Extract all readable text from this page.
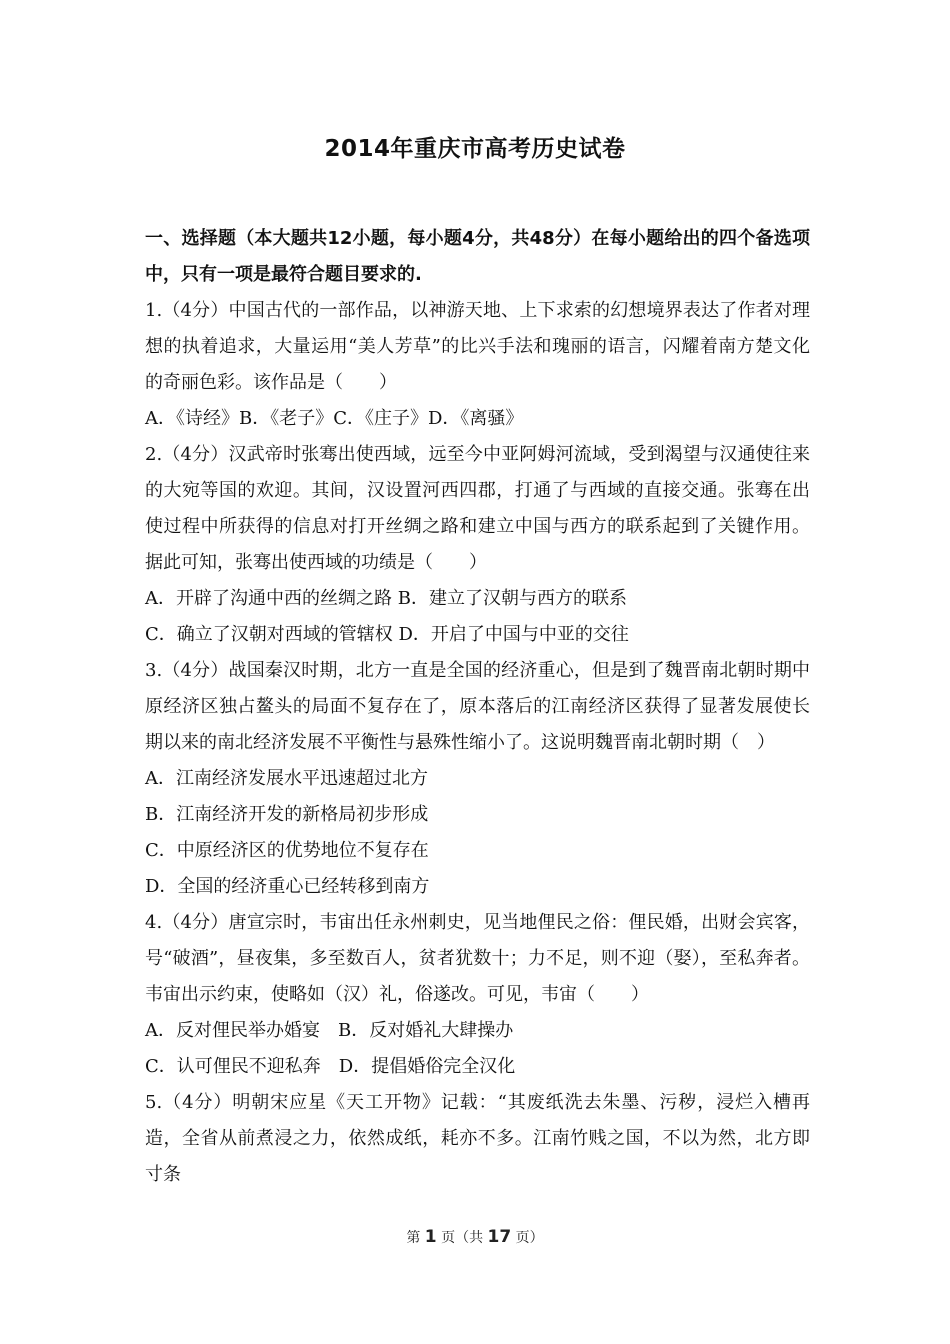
2014年重庆市高考历史试卷
一、选择题（本大题共12小题，每小题4分，共48分）在每小题给出的四个备选项中，只有一项是最符合题目要求的.
1.（4分）中国古代的一部作品，以神游天地、上下求索的幻想境界表达了作者对理想的执着追求，大量运用“美人芳草”的比兴手法和瑰丽的语言，闪耀着南方楚文化的奇丽色彩。该作品是（　　）
A．《诗经》B．《老子》C．《庄子》D．《离骚》
2.（4分）汉武帝时张骞出使西域，远至今中亚阿姆河流域，受到渴望与汉通使往来的大宛等国的欢迎。其间，汉设置河西四郡，打通了与西域的直接交通。张骞在出使过程中所获得的信息对打开丝绸之路和建立中国与西方的联系起到了关键作用。据此可知，张骞出使西域的功绩是（　　）
A．开辟了沟通中西的丝绸之路 B．建立了汉朝与西方的联系
C．确立了汉朝对西域的管辖权 D．开启了中国与中亚的交往
3.（4分）战国秦汉时期，北方一直是全国的经济重心，但是到了魏晋南北朝时期中原经济区独占鳌头的局面不复存在了，原本落后的江南经济区获得了显著发展使长期以来的南北经济发展不平衡性与悬殊性缩小了。这说明魏晋南北朝时期（　）
A．江南经济发展水平迅速超过北方
B．江南经济开发的新格局初步形成
C．中原经济区的优势地位不复存在
D．全国的经济重心已经转移到南方
4.（4分）唐宣宗时，韦宙出任永州刺史，见当地俚民之俗：俚民婚，出财会宾客，号“破酒”，昼夜集，多至数百人，贫者犹数十；力不足，则不迎（娶），至私奔者。韦宙出示约束，使略如（汉）礼，俗遂改。可见，韦宙（　　）
A．反对俚民举办婚宴　B．反对婚礼大肆操办
C．认可俚民不迎私奔　D．提倡婚俗完全汉化
5.（4分）明朝宋应星《天工开物》记载：“其废纸洗去朱墨、污秽，浸烂入槽再造，全省从前煮浸之力，依然成纸，耗亦不多。江南竹贱之国，不以为然，北方即寸条
第 1 页（共 17 页）
